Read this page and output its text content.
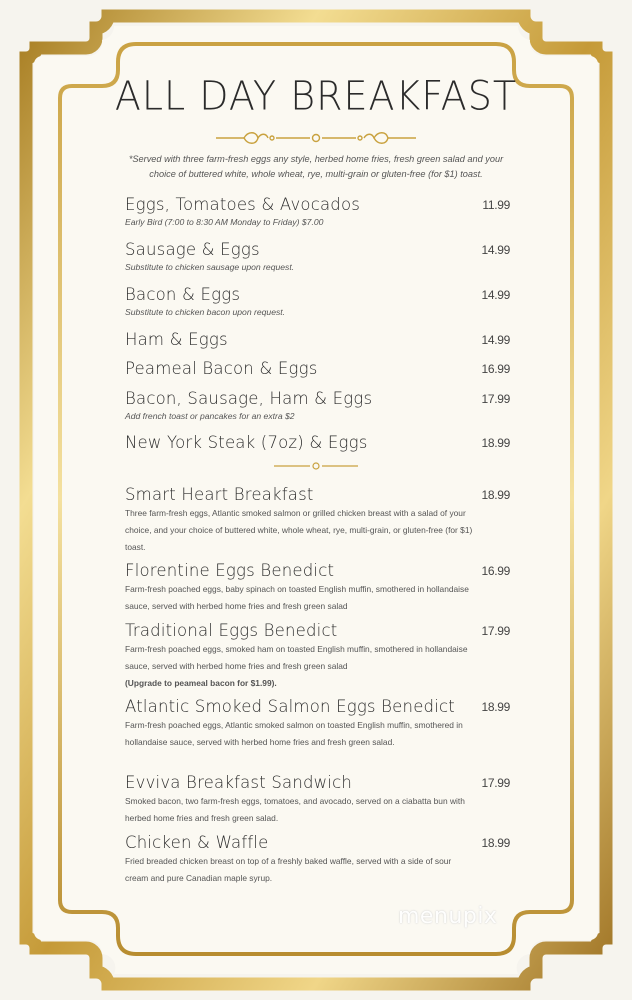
ALL DAY BREAKFAST
*Served with three farm-fresh eggs any style, herbed home fries, fresh green salad and your choice of buttered white, whole wheat, rye, multi-grain or gluten-free (for $1) toast.
Eggs, Tomatoes & Avocados	11.99
Early Bird (7:00 to 8:30 AM Monday to Friday) $7.00
Sausage & Eggs	14.99
Substitute to chicken sausage upon request.
Bacon & Eggs	14.99
Substitute to chicken bacon upon request.
Ham & Eggs	14.99
Peameal Bacon & Eggs	16.99
Bacon, Sausage, Ham & Eggs	17.99
Add french toast or pancakes for an extra $2
New York Steak (7oz) & Eggs	18.99
Smart Heart Breakfast	18.99
Three farm-fresh eggs, Atlantic smoked salmon or grilled chicken breast with a salad of your choice, and your choice of buttered white, whole wheat, rye, multi-grain, or gluten-free (for $1) toast.
Florentine Eggs Benedict	16.99
Farm-fresh poached eggs, baby spinach on toasted English muffin, smothered in hollandaise sauce, served with herbed home fries and fresh green salad
Traditional Eggs Benedict	17.99
Farm-fresh poached eggs, smoked ham on toasted English muffin, smothered in hollandaise sauce, served with herbed home fries and fresh green salad
(Upgrade to peameal bacon for $1.99).
Atlantic Smoked Salmon Eggs Benedict	18.99
Farm-fresh poached eggs, Atlantic smoked salmon on toasted English muffin, smothered in hollandaise sauce, served with herbed home fries and fresh green salad.
Evviva Breakfast Sandwich	17.99
Smoked bacon, two farm-fresh eggs, tomatoes, and avocado, served on a ciabatta bun with herbed home fries and fresh green salad.
Chicken & Waffle	18.99
Fried breaded chicken breast on top of a freshly baked waffle, served with a side of sour cream and pure Canadian maple syrup.
menupix
